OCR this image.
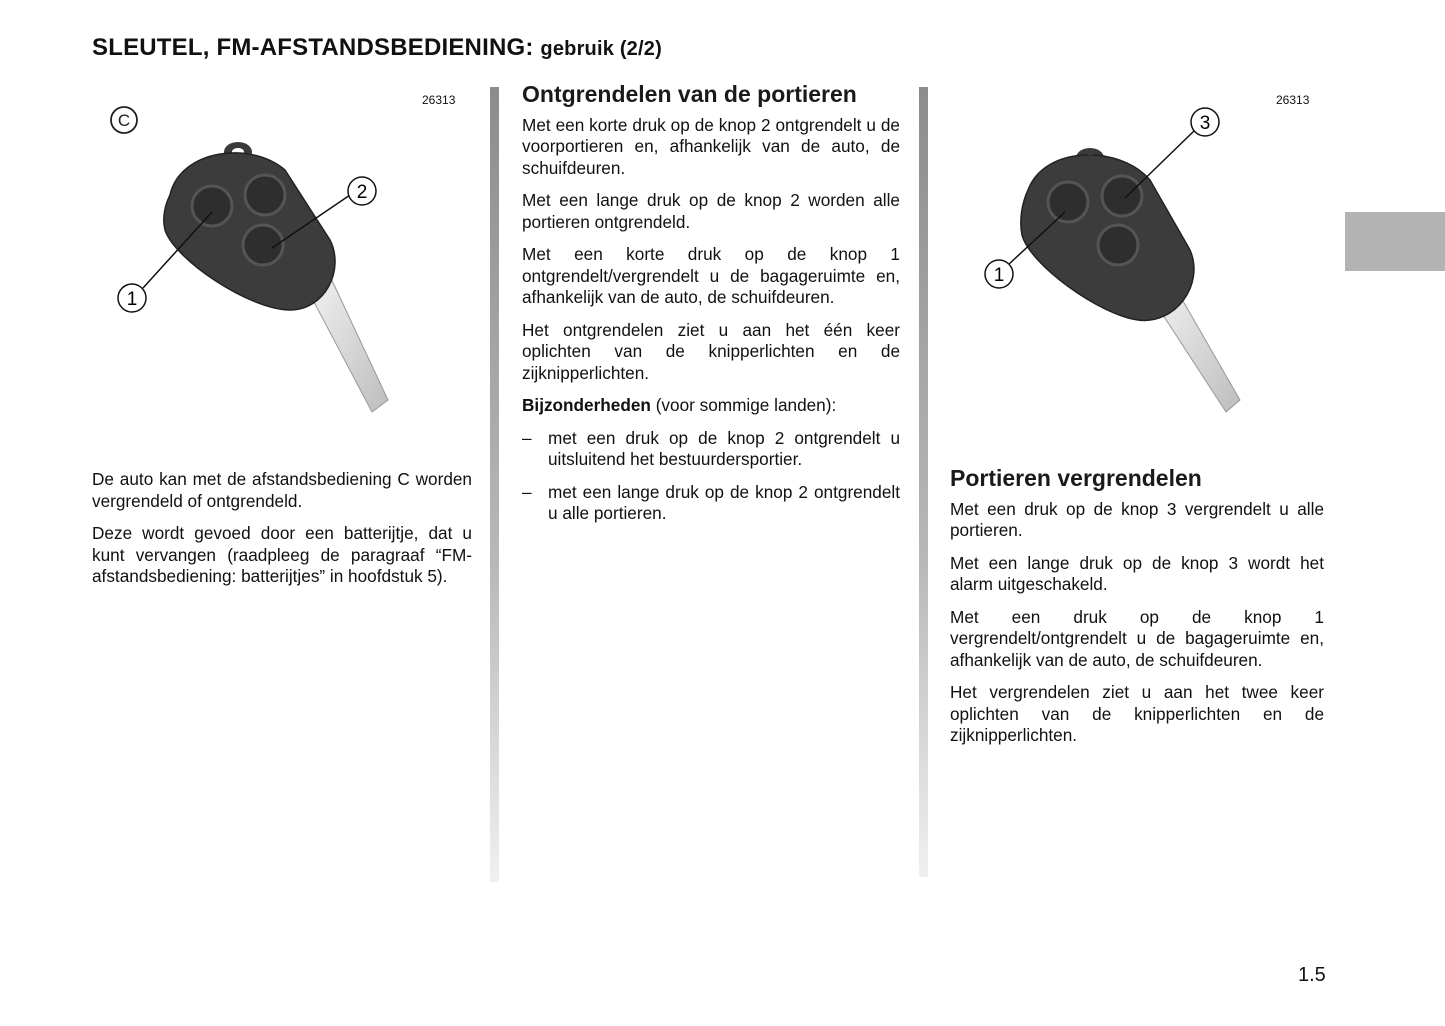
SLEUTEL, FM-AFSTANDSBEDIENING: gebruik (2/2)
26313
C
1
2

De auto kan met de afstandsbediening C worden vergrendeld of ontgrendeld.

Deze wordt gevoed door een batterijtje, dat u kunt vervangen (raadpleeg de paragraaf “FM-afstandsbediening: batterijtjes” in hoofdstuk 5).

Ontgrendelen van de portieren

Met een korte druk op de knop 2 ontgrendelt u de voorportieren en, afhankelijk van de auto, de schuifdeuren.

Met een lange druk op de knop 2 worden alle portieren ontgrendeld.

Met een korte druk op de knop 1 ontgrendelt/vergrendelt u de bagageruimte en, afhankelijk van de auto, de schuifdeuren.

Het ontgrendelen ziet u aan het één keer oplichten van de knipperlichten en de zijknipperlichten.

Bijzonderheden (voor sommige landen):

– met een druk op de knop 2 ontgrendelt u uitsluitend het bestuurdersportier.
– met een lange druk op de knop 2 ontgrendelt u alle portieren.
26313
1
3
Portieren vergrendelen

Met een druk op de knop 3 vergrendelt u alle portieren.

Met een lange druk op de knop 3 wordt het alarm uitgeschakeld.

Met een druk op de knop 1 vergrendelt/ontgrendelt u de bagageruimte en, afhankelijk van de auto, de schuifdeuren.

Het vergrendelen ziet u aan het twee keer oplichten van de knipperlichten en de zijknipperlichten.

1.5
